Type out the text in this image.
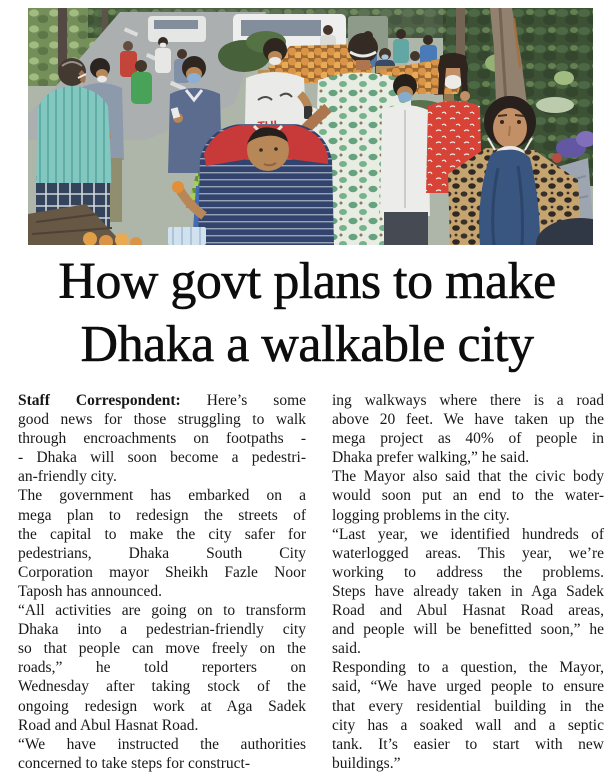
How govt plans to make
Dhaka a walkable city
Staff Correspondent: Here’s some
good news for those struggling to walk
through encroachments on footpaths -
- Dhaka will soon become a pedestri-
an-friendly city.
The government has embarked on a
mega plan to redesign the streets of
the capital to make the city safer for
pedestrians, Dhaka South City
Corporation mayor Sheikh Fazle Noor
Taposh has announced.
“All activities are going on to transform
Dhaka into a pedestrian-friendly city
so that people can move freely on the
roads,” he told reporters on
Wednesday after taking stock of the
ongoing redesign work at Aga Sadek
Road and Abul Hasnat Road.
“We have instructed the authorities
concerned to take steps for construct-
ing walkways where there is a road
above 20 feet. We have taken up the
mega project as 40% of people in
Dhaka prefer walking,” he said.
The Mayor also said that the civic body
would soon put an end to the water-
logging problems in the city.
“Last year, we identified hundreds of
waterlogged areas. This year, we’re
working to address the problems.
Steps have already taken in Aga Sadek
Road and Abul Hasnat Road areas,
and people will be benefitted soon,” he
said.
Responding to a question, the Mayor,
said, “We have urged people to ensure
that every residential building in the
city has a soaked wall and a septic
tank. It’s easier to start with new
buildings.”
